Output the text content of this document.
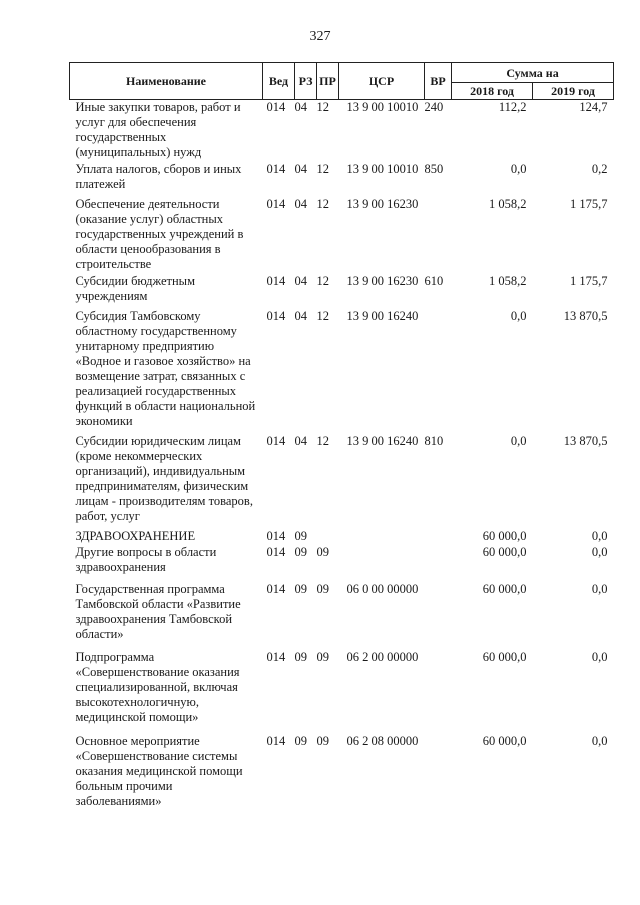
327
Наименование	Вед	РЗ	ПР	ЦСР	ВР	Сумма на	
						2018 год	2019 год
Иные закупки товаров, работ и услуг для обеспечения государственных (муниципальных) нужд	014	04	12	13 9 00 10010	240	112,2	124,7
Уплата налогов, сборов и иных платежей	014	04	12	13 9 00 10010	850	0,0	0,2
Обеспечение деятельности (оказание услуг) областных государственных учреждений в области ценообразования в строительстве	014	04	12	13 9 00 16230		1 058,2	1 175,7
Субсидии бюджетным учреждениям	014	04	12	13 9 00 16230	610	1 058,2	1 175,7
Субсидия Тамбовскому областному государственному унитарному предприятию «Водное и газовое хозяйство» на возмещение затрат, связанных с реализацией государственных функций в области национальной экономики	014	04	12	13 9 00 16240		0,0	13 870,5
Субсидии юридическим лицам (кроме некоммерческих организаций), индивидуальным предпринимателям, физическим лицам - производителям товаров, работ, услуг	014	04	12	13 9 00 16240	810	0,0	13 870,5
ЗДРАВООХРАНЕНИЕ	014	09				60 000,0	0,0
Другие вопросы в области здравоохранения	014	09	09			60 000,0	0,0
Государственная программа Тамбовской области «Развитие здравоохранения Тамбовской области»	014	09	09	06 0 00 00000		60 000,0	0,0
Подпрограмма «Совершенствование оказания специализированной, включая высокотехнологичную, медицинской помощи»	014	09	09	06 2 00 00000		60 000,0	0,0
Основное мероприятие «Совершенствование системы оказания медицинской помощи больным прочими заболеваниями»	014	09	09	06 2 08 00000		60 000,0	0,0
